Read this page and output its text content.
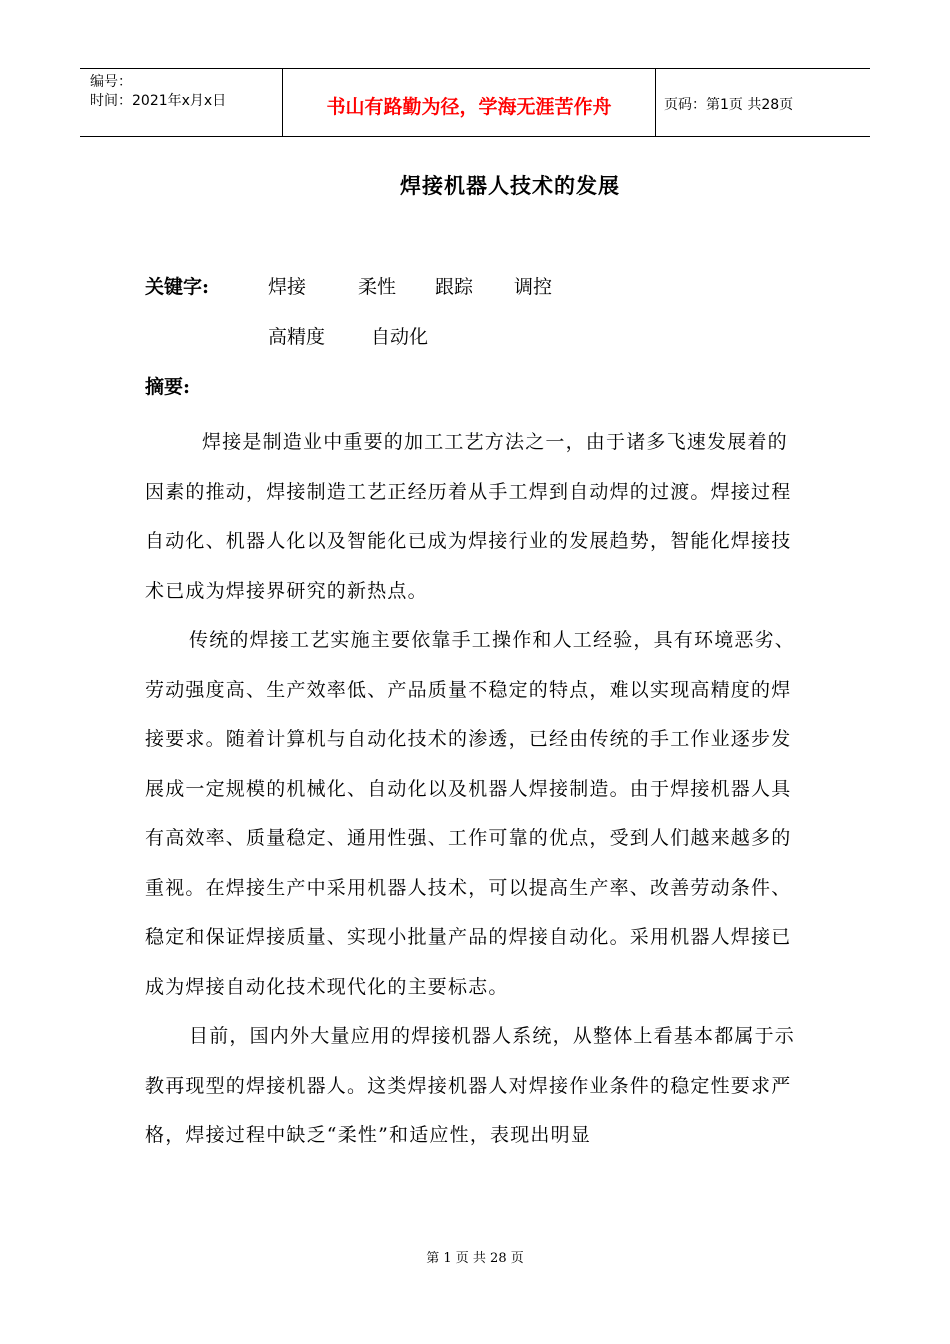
编号：
时间：2021年x月x日	书山有路勤为径，学海无涯苦作舟	页码：第1页 共28页
焊接机器人技术的发展
关键字:	焊接	柔性 跟踪 调控
高精度 自动化
摘要:

焊接是制造业中重要的加工工艺方法之一，由于诸多飞速发展着的因素的推动，焊接制造工艺正经历着从手工焊到自动焊的过渡。焊接过程自动化、机器人化以及智能化已成为焊接行业的发展趋势，智能化焊接技术已成为焊接界研究的新热点。

传统的焊接工艺实施主要依靠手工操作和人工经验，具有环境恶劣、劳动强度高、生产效率低、产品质量不稳定的特点，难以实现高精度的焊接要求。随着计算机与自动化技术的渗透，已经由传统的手工作业逐步发展成一定规模的机械化、自动化以及机器人焊接制造。由于焊接机器人具有高效率、质量稳定、通用性强、工作可靠的优点，受到人们越来越多的重视。在焊接生产中采用机器人技术，可以提高生产率、改善劳动条件、稳定和保证焊接质量、实现小批量产品的焊接自动化。采用机器人焊接已成为焊接自动化技术现代化的主要标志。

目前，国内外大量应用的焊接机器人系统，从整体上看基本都属于示教再现型的焊接机器人。这类焊接机器人对焊接作业条件的稳定性要求严格，焊接过程中缺乏“柔性”和适应性，表现出明显

第 1 页 共 28 页
